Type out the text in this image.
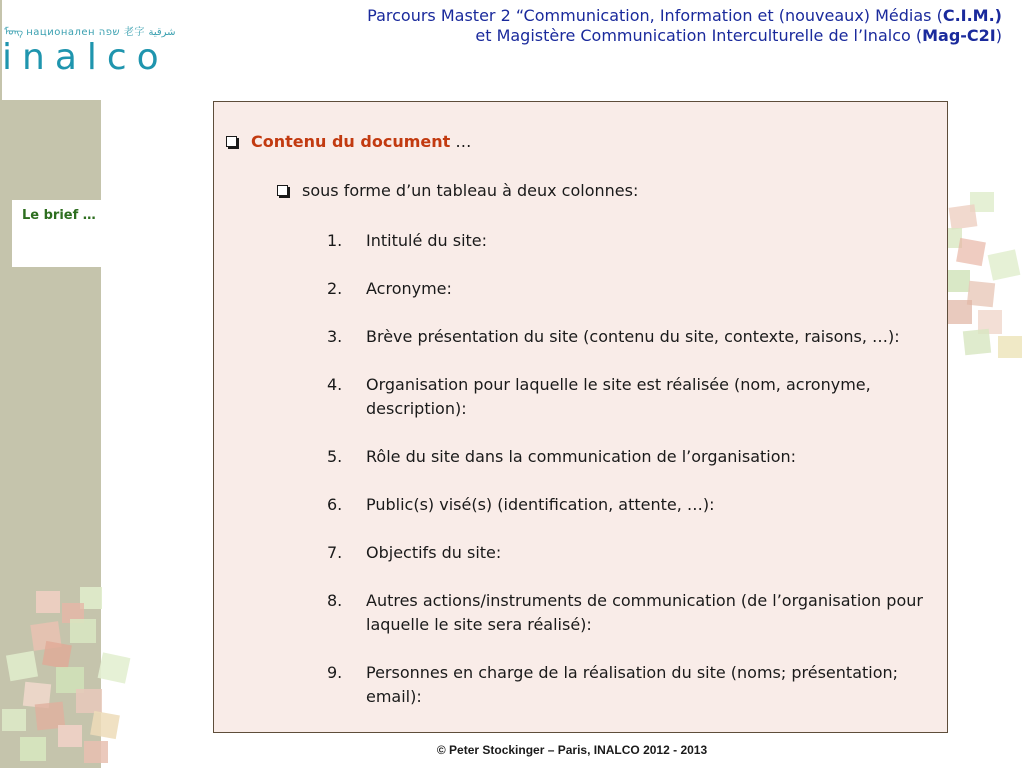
ᠮᠣᠩ нациoнален שפה 老字 شرقية
inalco
Parcours Master 2 “Communication, Information et (nouveaux) Médias (C.I.M.)
et Magistère Communication Interculturelle de l’Inalco (Mag-C2I)
Le brief …
Contenu du document …
sous forme d’un tableau à deux colonnes:
1. Intitulé du site:
2. Acronyme:
3. Brève présentation du site (contenu du site, contexte, raisons, …):
4. Organisation pour laquelle le site est réalisée (nom, acronyme, description):
5. Rôle du site dans la communication de l’organisation:
6. Public(s) visé(s) (identification, attente, …):
7. Objectifs du site:
8. Autres actions/instruments de communication (de l’organisation pour laquelle le site sera réalisé):
9. Personnes en charge de la réalisation du site (noms; présentation; email):
© Peter Stockinger – Paris, INALCO 2012 - 2013
